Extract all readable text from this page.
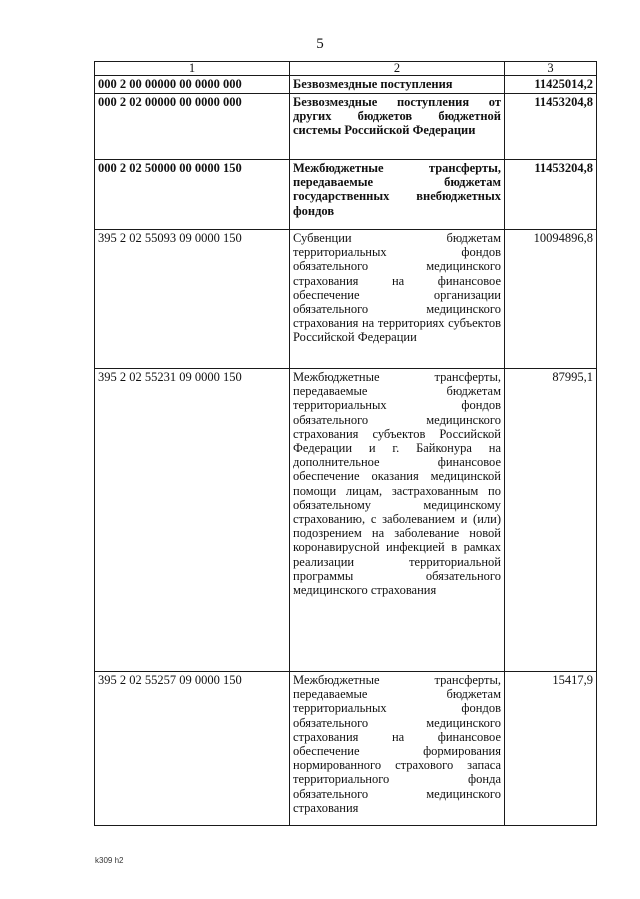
5
1	2	3
000 2 00 00000 00 0000 000	Безвозмездные поступления	11425014,2
000 2 02 00000 00 0000 000	Безвозмездные поступления от других бюджетов бюджетной системы Российской Федерации	11453204,8
000 2 02 50000 00 0000 150	Межбюджетные трансферты, передаваемые бюджетам государственных внебюджетных фондов	11453204,8
395 2 02 55093 09 0000 150	Субвенции бюджетам территориальных фондов обязательного медицинского страхования на финансовое обеспечение организации обязательного медицинского страхования на территориях субъектов Российской Федерации	10094896,8
395 2 02 55231 09 0000 150	Межбюджетные трансферты, передаваемые бюджетам территориальных фондов обязательного медицинского страхования субъектов Российской Федерации и г. Байконура на дополнительное финансовое обеспечение оказания медицинской помощи лицам, застрахованным по обязательному медицинскому страхованию, с заболеванием и (или) подозрением на заболевание новой коронавирусной инфекцией в рамках реализации территориальной программы обязательного медицинского страхования	87995,1
395 2 02 55257 09 0000 150	Межбюджетные трансферты, передаваемые бюджетам территориальных фондов обязательного медицинского страхования на финансовое обеспечение формирования нормированного страхового запаса территориального фонда обязательного медицинского страхования	15417,9
k309 h2
